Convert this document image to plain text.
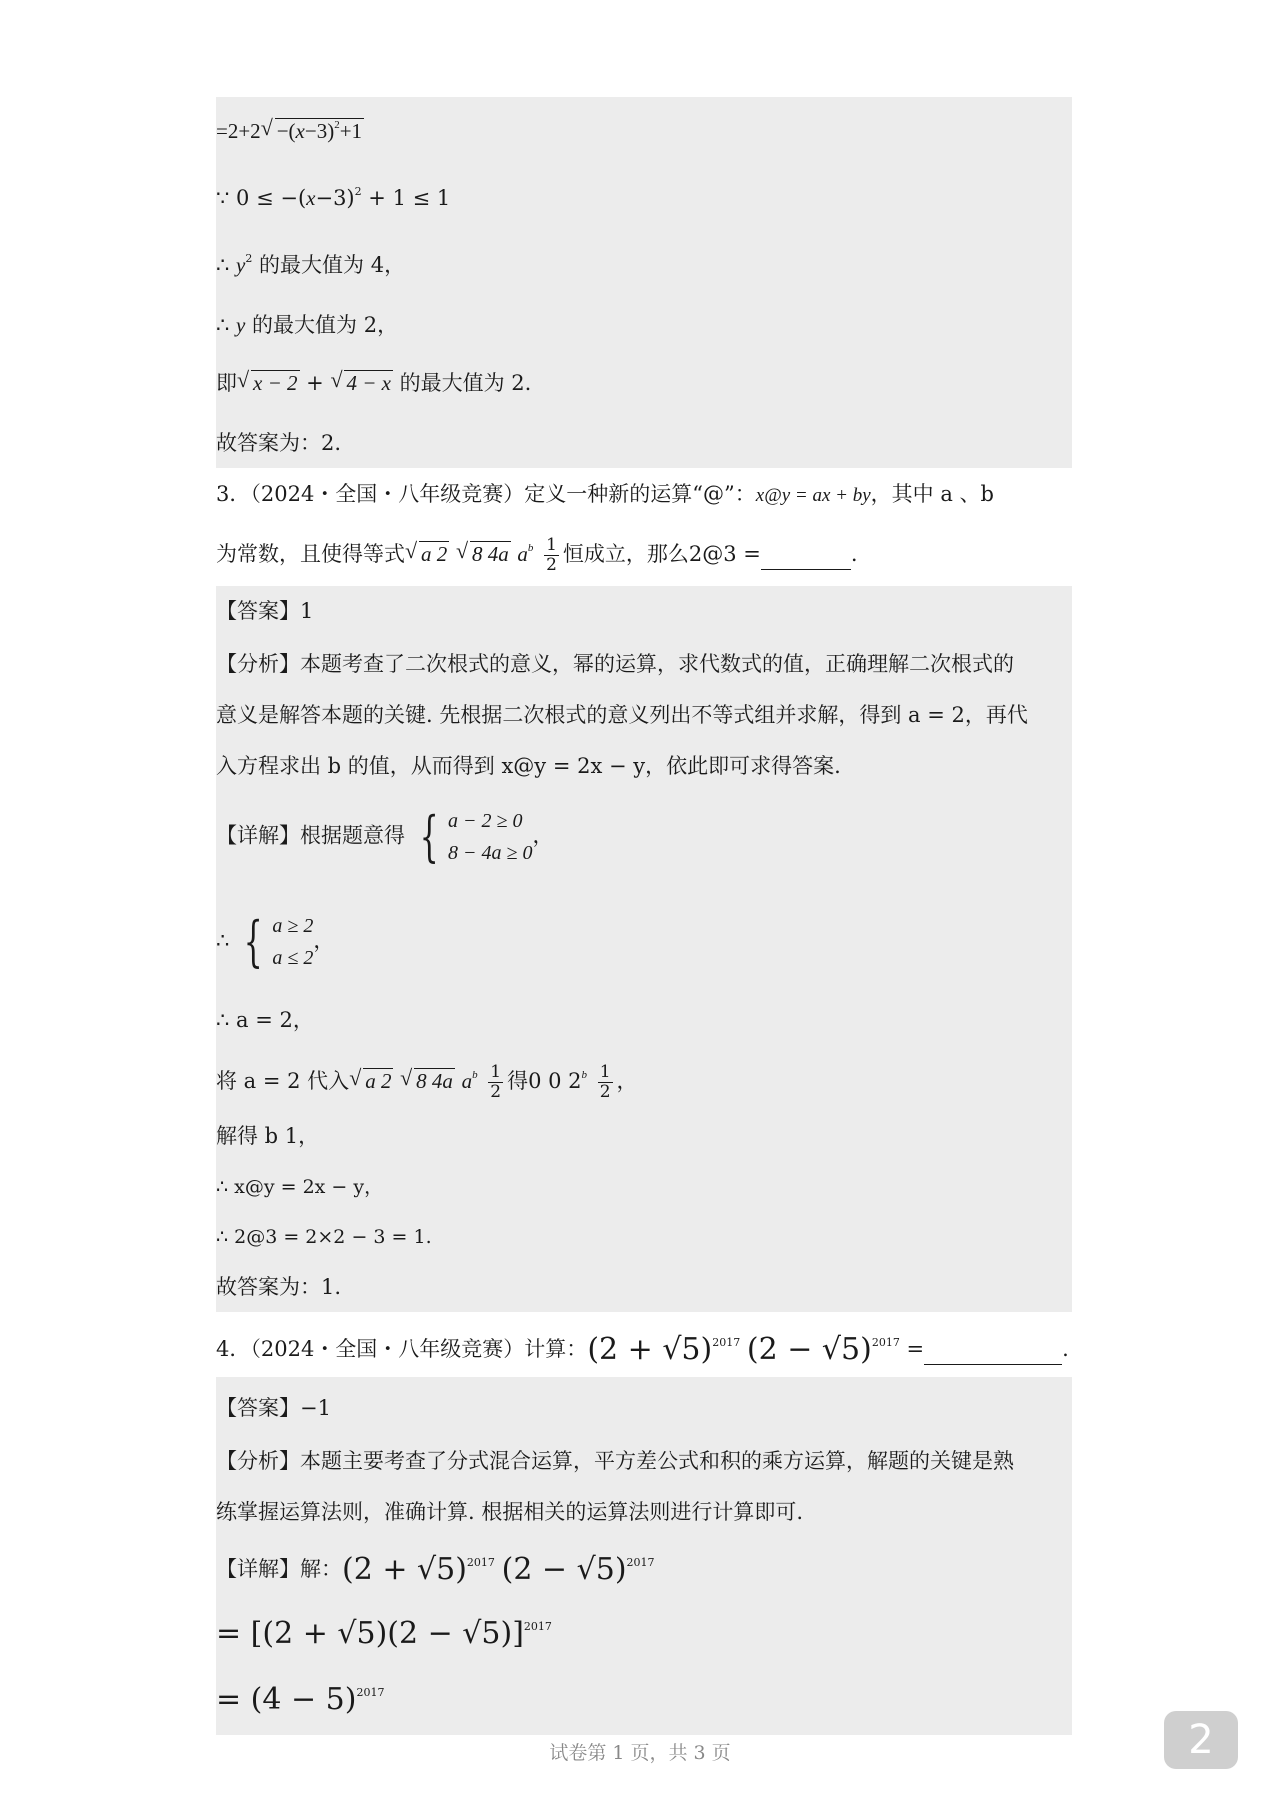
$=2+2√ -(x-3)^2+1$
∵ $0 \le -(x-3)^2 + 1 \le 1$
∴ $y^2$ 的最大值为 4，
∴ y 的最大值为 2，
即√ x − 2 + √ 4 − x 的最大值为 2.
故答案为：2.
3．（2024・全国・八年级竞赛）定义一种新的运算“@”：x@y = ax + by，其中 a 、b
为常数，且使得等式√ a 2 √ 8 4a $a^b \frac{1}{2}$ 恒成立，那么2@3 =	.
【答案】1
【分析】本题考查了二次根式的意义，幂的运算，求代数式的值，正确理解二次根式的
意义是解答本题的关键. 先根据二次根式的意义列出不等式组并求解，得到 a = 2，再代
入方程求出 b 的值，从而得到 x@y = 2x − y，依此即可求得答案.
【详解】根据题意得 { a − 2 ≥ 0
8 − 4a ≥ 0
，
∴ { a ≥ 2
a ≤ 2
，
∴ a = 2，
将 a = 2 代入√ a 2 √ 8 4a $a^b \frac{1}{2}$ 得0 0 $2^b \frac{1}{2}$ ，
解得 b 1，
∴ x@y = 2x − y，
∴ 2@3 = 2×2 − 3 = 1.
故答案为：1.
4．（2024・全国・八年级竞赛）计算：$(2 + √5)^{2017}$ $(2 - √5)^{2017}$ =	.
【答案】−1
【分析】本题主要考查了分式混合运算，平方差公式和积的乘方运算，解题的关键是熟
练掌握运算法则，准确计算. 根据相关的运算法则进行计算即可.
【详解】解：$(2 + √5)^{2017}$ $(2 - √5)^{2017}$
= $[(2 + √5)(2 - √5)]^{2017}$
= $(4 - 5)^{2017}$
试卷第 1 页，共 3 页	2
